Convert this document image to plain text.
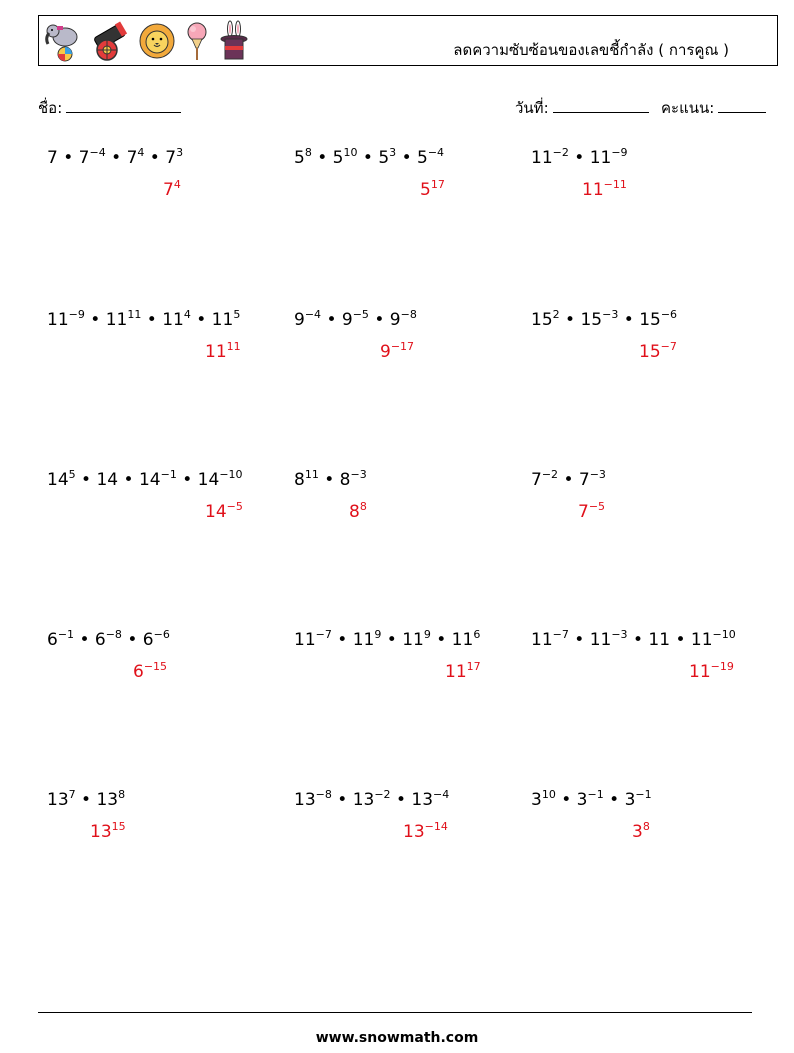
ลดความซับซ้อนของเลขชี้กำลัง ( การคูณ )
ชื่อ:	วันที่:	คะแนน:
7 • $7^{-4}$ • $7^4$ • $7^3$
$7^4$
$5^8$ • $5^{10}$ • $5^3$ • $5^{-4}$
$5^{17}$
$11^{-2}$ • $11^{-9}$
$11^{-11}$
$11^{-9}$ • $11^{11}$ • $11^4$ • $11^5$
$11^{11}$
$9^{-4}$ • $9^{-5}$ • $9^{-8}$
$9^{-17}$
$15^2$ • $15^{-3}$ • $15^{-6}$
$15^{-7}$
$14^5$ • 14 • $14^{-1}$ • $14^{-10}$
$14^{-5}$
$8^{11}$ • $8^{-3}$
$8^8$
$7^{-2}$ • $7^{-3}$
$7^{-5}$
$6^{-1}$ • $6^{-8}$ • $6^{-6}$
$6^{-15}$
$11^{-7}$ • $11^9$ • $11^9$ • $11^6$
$11^{17}$
$11^{-7}$ • $11^{-3}$ • 11 • $11^{-10}$
$11^{-19}$
$13^7$ • $13^8$
$13^{15}$
$13^{-8}$ • $13^{-2}$ • $13^{-4}$
$13^{-14}$
$3^{10}$ • $3^{-1}$ • $3^{-1}$
$3^8$
www.snowmath.com
